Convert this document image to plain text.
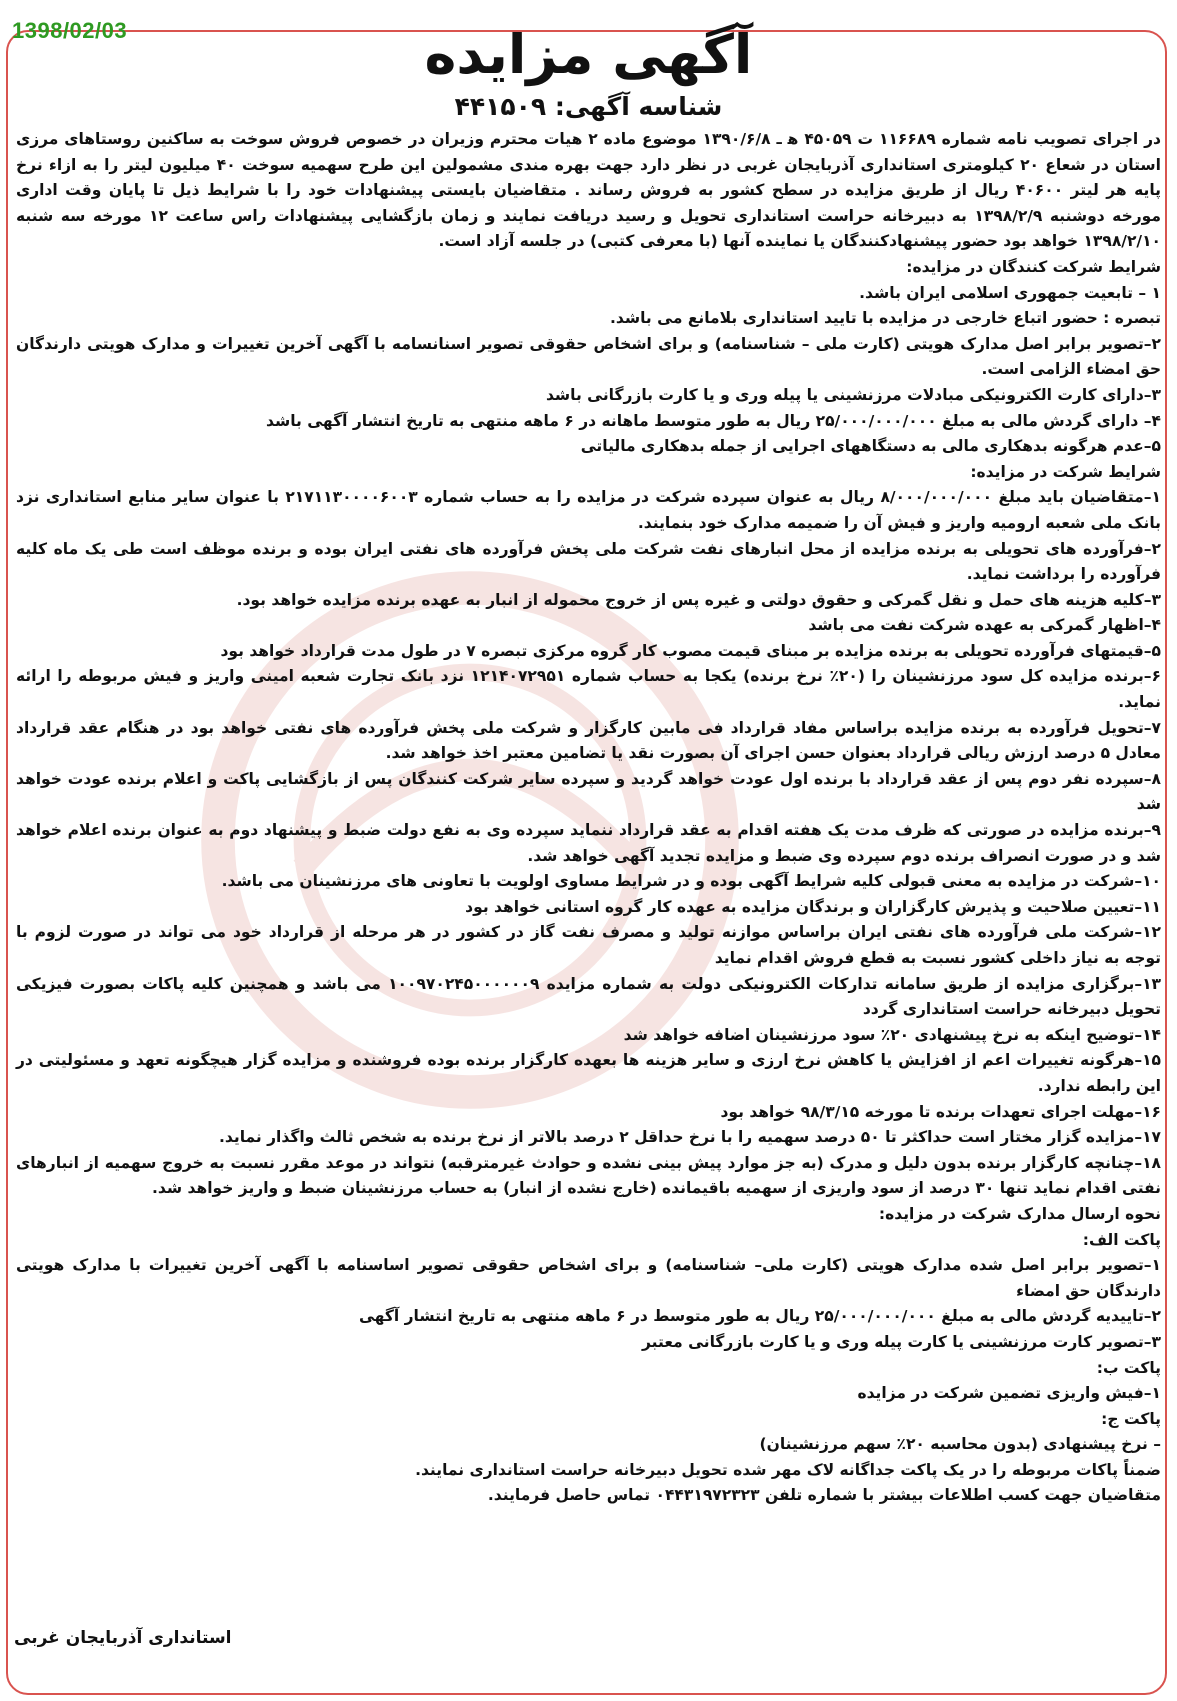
1398/02/03	آگهی مزایده
شناسه آگهی: ۴۴۱۵۰۹

در اجرای تصویب نامه شماره ۱۱۶۶۸۹ ت ۴۵۰۵۹ ه‍ ـ ۱۳۹۰/۶/۸ موضوع ماده ۲ هیات محترم وزیران در خصوص فروش سوخت به ساکنین روستاهای مرزی استان در شعاع ۲۰ کیلومتری استانداری آذربایجان غربی در نظر دارد جهت بهره مندی مشمولین این طرح سهمیه سوخت ۴۰ میلیون لیتر را به ازاء نرخ پایه هر لیتر ۴۰۶۰۰ ریال از طریق مزایده در سطح کشور به فروش رساند . متقاضیان بایستی پیشنهادات خود را با شرایط ذیل تا پایان وقت اداری مورخه دوشنبه ۱۳۹۸/۲/۹ به دبیرخانه حراست استانداری تحویل و رسید دریافت نمایند و زمان بازگشایی پیشنهادات راس ساعت ۱۲ مورخه سه شنبه ۱۳۹۸/۲/۱۰ خواهد بود حضور پیشنهادکنندگان یا نماینده آنها (با معرفی کتبی) در جلسه آزاد است.

شرایط شرکت کنندگان در مزایده:

۱ – تابعیت جمهوری اسلامی ایران باشد.

تبصره : حضور اتباع خارجی در مزایده با تایید استانداری بلامانع می باشد.

۲–تصویر برابر اصل مدارک هویتی (کارت ملی – شناسنامه) و برای اشخاص حقوقی تصویر اسنانسامه با آگهی آخرین تغییرات و مدارک هویتی دارندگان حق امضاء الزامی است.

۳–دارای کارت الکترونیکی مبادلات مرزنشینی یا پیله وری و یا کارت بازرگانی باشد

۴– دارای گردش مالی به مبلغ ۲۵/۰۰۰/۰۰۰/۰۰۰ ریال به طور متوسط ماهانه در ۶ ماهه منتهی به تاریخ انتشار آگهی باشد

۵–عدم هرگونه بدهکاری مالی به دستگاههای اجرایی از جمله بدهکاری مالیاتی

شرایط شرکت در مزایده:

۱–متقاضیان باید مبلغ ۸/۰۰۰/۰۰۰/۰۰۰ ریال به عنوان سپرده شرکت در مزایده را به حساب شماره ۲۱۷۱۱۳۰۰۰۰۶۰۰۳ با عنوان سایر منابع استانداری نزد بانک ملی شعبه ارومیه واریز و فیش آن را ضمیمه مدارک خود بنمایند.

۲–فرآورده های تحویلی به برنده مزایده از محل انبارهای نفت شرکت ملی پخش فرآورده های نفتی ایران بوده و برنده موظف است طی یک ماه کلیه فرآورده را برداشت نماید.

۳–کلیه هزینه های حمل و نقل گمرکی و حقوق دولتی و غیره پس از خروج محموله از انبار به عهده برنده مزایده خواهد بود.

۴–اظهار گمرکی به عهده شرکت نفت می باشد

۵–قیمتهای فرآورده تحویلی به برنده مزایده بر مبنای قیمت مصوب کار گروه مرکزی تبصره ۷ در طول مدت قرارداد خواهد بود

۶–برنده مزایده کل سود مرزنشینان را (۲۰٪ نرخ برنده) یکجا به حساب شماره ۱۲۱۴۰۷۲۹۵۱ نزد بانک تجارت شعبه امینی واریز و فیش مربوطه را ارائه نماید.

۷–تحویل فرآورده به برنده مزایده براساس مفاد قرارداد فی مابین کارگزار و شرکت ملی پخش فرآورده های نفتی خواهد بود در هنگام عقد قرارداد معادل ۵ درصد ارزش ریالی قرارداد بعنوان حسن اجرای آن بصورت نقد یا تضامین معتبر اخذ خواهد شد.

۸–سپرده نفر دوم پس از عقد قرارداد با برنده اول عودت خواهد گردید و سپرده سایر شرکت کنندگان پس از بازگشایی پاکت و اعلام برنده عودت خواهد شد

۹–برنده مزایده در صورتی که ظرف مدت یک هفته اقدام به عقد قرارداد ننماید سپرده وی به نفع دولت ضبط و پیشنهاد دوم به عنوان برنده اعلام خواهد شد و در صورت انصراف برنده دوم سپرده وی ضبط و مزایده تجدید آگهی خواهد شد.

۱۰–شرکت در مزایده به معنی قبولی کلیه شرایط آگهی بوده و در شرایط مساوی اولویت با تعاونی های مرزنشینان می باشد.

۱۱–تعیین صلاحیت و پذیرش کارگزاران و برندگان مزایده به عهده کار گروه استانی خواهد بود

۱۲–شرکت ملی فرآورده های نفتی ایران براساس موازنه تولید و مصرف نفت گاز در کشور در هر مرحله از قرارداد خود می تواند در صورت لزوم با توجه به نیاز داخلی کشور نسبت به قطع فروش اقدام نماید

۱۳–برگزاری مزایده از طریق سامانه تدارکات الکترونیکی دولت به شماره مزایده ۱۰۰۹۷۰۲۴۵۰۰۰۰۰۰۹ می باشد و همچنین کلیه پاکات بصورت فیزیکی تحویل دبیرخانه حراست استانداری گردد

۱۴–توضیح اینکه به نرخ پیشنهادی ۲۰٪ سود مرزنشینان اضافه خواهد شد

۱۵–هرگونه تغییرات اعم از افزایش یا کاهش نرخ ارزی و سایر هزینه ها بعهده کارگزار برنده بوده فروشنده و مزایده گزار هیچگونه تعهد و مسئولیتی در این رابطه ندارد.

۱۶–مهلت اجرای تعهدات برنده تا مورخه ۹۸/۳/۱۵ خواهد بود

۱۷–مزایده گزار مختار است حداکثر تا ۵۰ درصد سهمیه را با نرخ حداقل ۲ درصد بالاتر از نرخ برنده به شخص ثالث واگذار نماید.

۱۸–چنانچه کارگزار برنده بدون دلیل و مدرک (به جز موارد پیش بینی نشده و حوادث غیرمترقبه) نتواند در موعد مقرر نسبت به خروج سهمیه از انبارهای نفتی اقدام نماید تنها ۳۰ درصد از سود واریزی از سهمیه باقیمانده (خارج نشده از انبار) به حساب مرزنشینان ضبط و واریز خواهد شد.

نحوه ارسال مدارک شرکت در مزایده:

پاکت الف:

۱–تصویر برابر اصل شده مدارک هویتی (کارت ملی– شناسنامه) و برای اشخاص حقوقی تصویر اساسنامه با آگهی آخرین تغییرات با مدارک هویتی دارندگان حق امضاء

۲–تاییدیه گردش مالی به مبلغ ۲۵/۰۰۰/۰۰۰/۰۰۰ ریال به طور متوسط در ۶ ماهه منتهی به تاریخ انتشار آگهی

۳–تصویر کارت مرزنشینی یا کارت پیله وری و یا کارت بازرگانی معتبر

پاکت ب:

۱–فیش واریزی تضمین شرکت در مزایده

پاکت ج:

– نرخ پیشنهادی (بدون محاسبه ۲۰٪ سهم مرزنشینان)

ضمناً پاکات مربوطه را در یک پاکت جداگانه لاک مهر شده تحویل دبیرخانه حراست استانداری نمایند.

متقاضیان جهت کسب اطلاعات بیشتر با شماره تلفن ۰۴۴۳۱۹۷۲۳۲۳ تماس حاصل فرمایند.

استانداری آذربایجان غربی
